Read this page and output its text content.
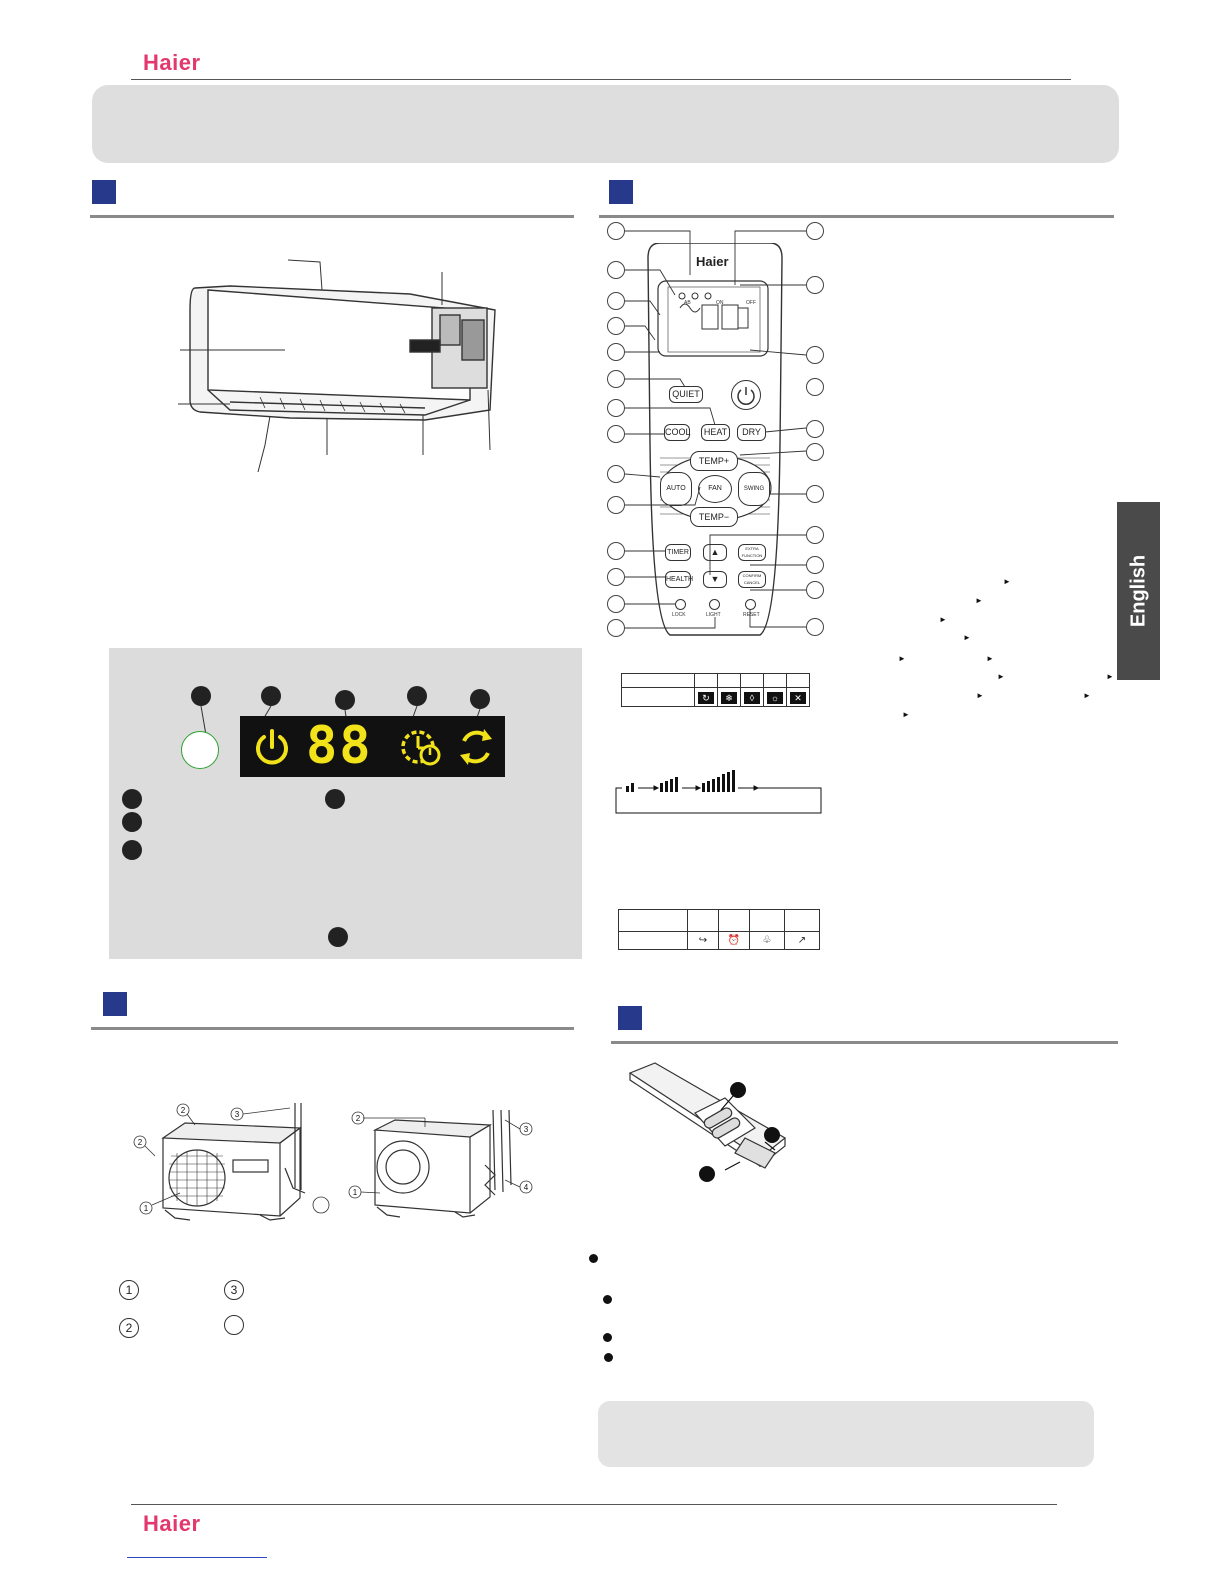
Haier
88
Haier
AB	ON	OFF
QUIET
COOL	HEAT	DRY
TEMP+
AUTO	FAN	SWING
TEMP−
TIMER	▲	EXTRA FUNCTION
HEALTH	▼	CONFIRM CANCEL
LOCK	LIGHT	RESET

	↻	❄	◊	☼	✕

	↪	⏰	♧	↗
►
►
►
►
►	►
►	►
►	►
►
English
1
2
2
3
1
2
3
4
1	3
2
Haier
